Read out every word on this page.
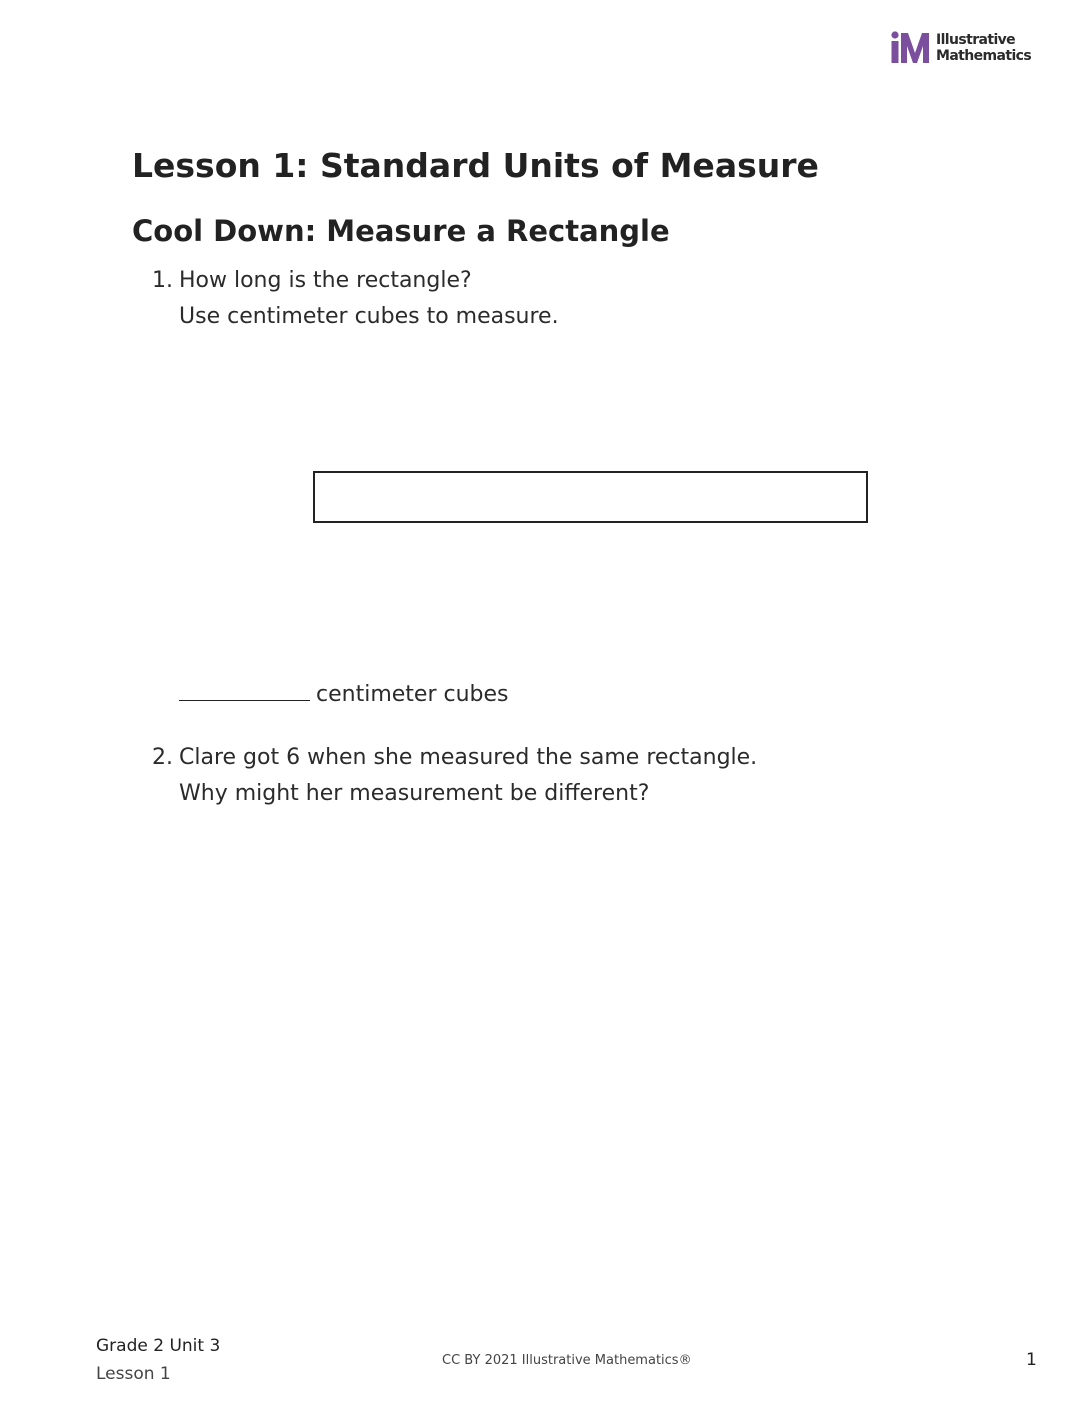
Illustrative
Mathematics
Lesson 1: Standard Units of Measure
Cool Down: Measure a Rectangle
1. How long is the rectangle?
Use centimeter cubes to measure.
centimeter cubes
2. Clare got 6 when she measured the same rectangle.
Why might her measurement be different?
Grade 2 Unit 3
Lesson 1
CC BY 2021 Illustrative Mathematics®	1
